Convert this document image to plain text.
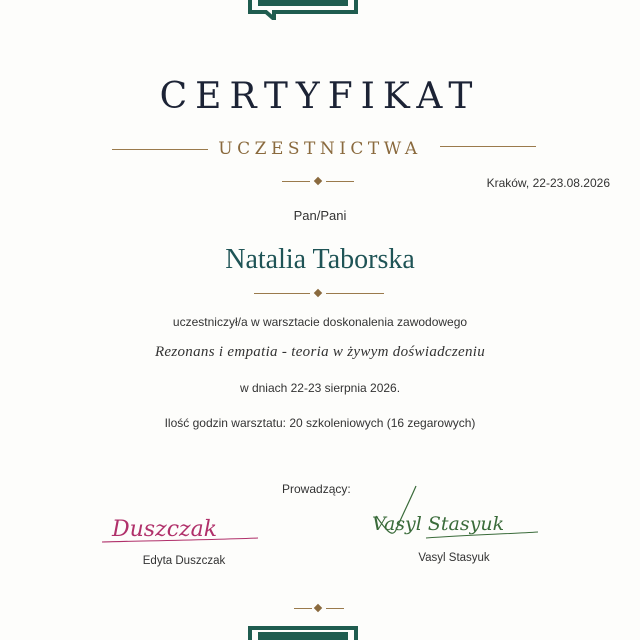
CERTYFIKAT
UCZESTNICTWA
Kraków, 22-23.08.2026
Pan/Pani
Natalia Taborska
uczestniczył/a w warsztacie doskonalenia zawodowego
Rezonans i empatia - teoria w żywym doświadczeniu
w dniach 22-23 sierpnia 2026.
Ilość godzin warsztatu: 20 szkoleniowych (16 zegarowych)
Prowadzący:
Duszczak
Edyta Duszczak
Vasyl Stasyuk
Vasyl Stasyuk
